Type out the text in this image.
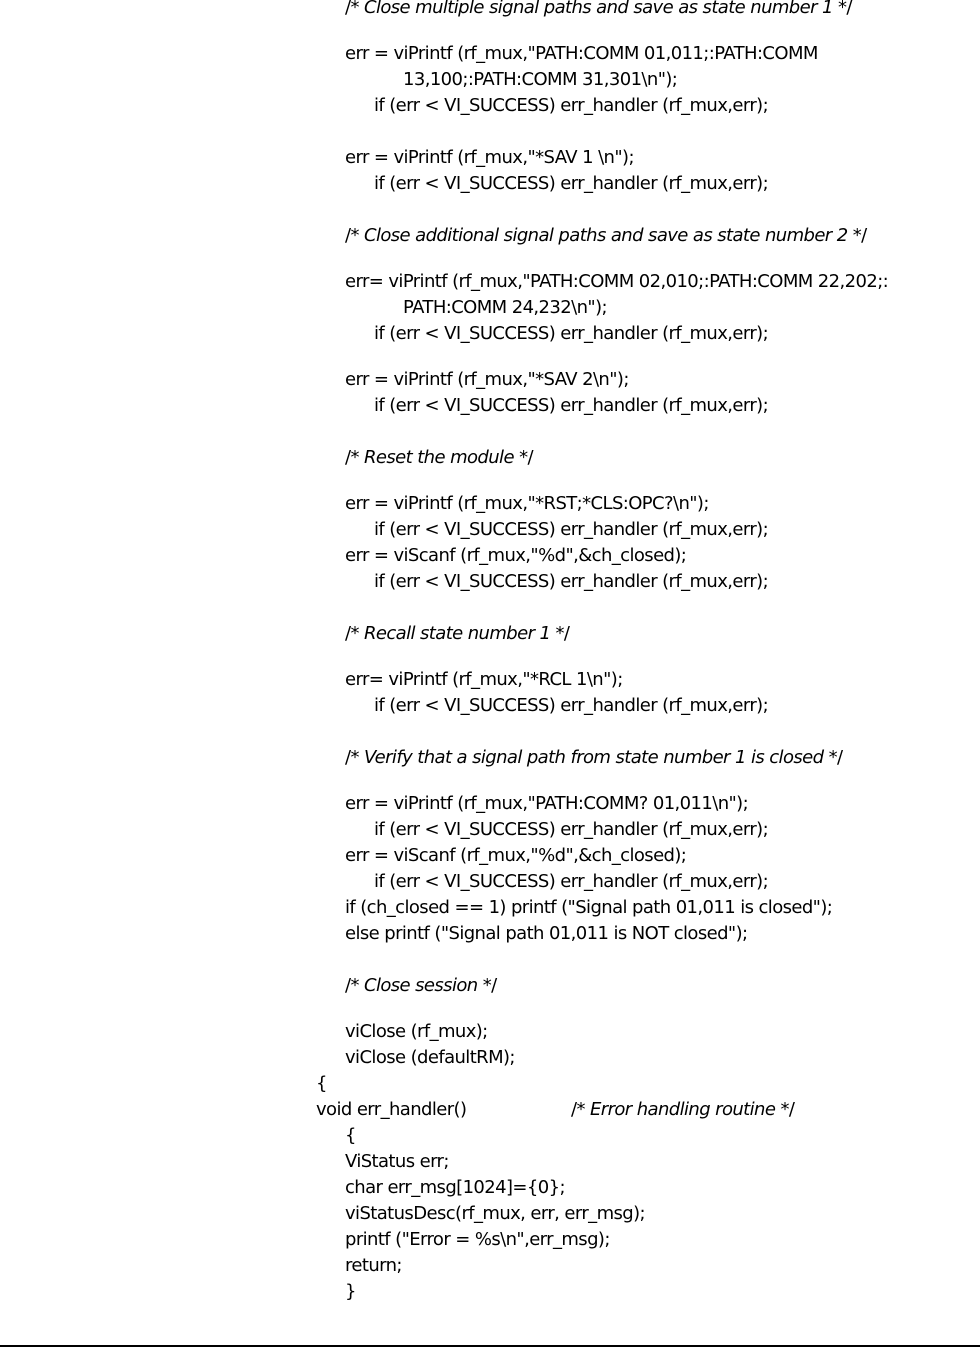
/* Close multiple signal paths and save as state number 1 */
err = viPrintf (rf_mux,"PATH:COMM 01,011;:PATH:COMM
13,100;:PATH:COMM 31,301\n");
if (err < VI_SUCCESS) err_handler (rf_mux,err);
err = viPrintf (rf_mux,"*SAV 1 \n");
if (err < VI_SUCCESS) err_handler (rf_mux,err);
/* Close additional signal paths and save as state number 2 */
err= viPrintf (rf_mux,"PATH:COMM 02,010;:PATH:COMM 22,202;:
PATH:COMM 24,232\n");
if (err < VI_SUCCESS) err_handler (rf_mux,err);
err = viPrintf (rf_mux,"*SAV 2\n");
if (err < VI_SUCCESS) err_handler (rf_mux,err);
/* Reset the module */
err = viPrintf (rf_mux,"*RST;*CLS:OPC?\n");
if (err < VI_SUCCESS) err_handler (rf_mux,err);
err = viScanf (rf_mux,"%d",&ch_closed);
if (err < VI_SUCCESS) err_handler (rf_mux,err);
/* Recall state number 1 */
err= viPrintf (rf_mux,"*RCL 1\n");
if (err < VI_SUCCESS) err_handler (rf_mux,err);
/* Verify that a signal path from state number 1 is closed */
err = viPrintf (rf_mux,"PATH:COMM? 01,011\n");
if (err < VI_SUCCESS) err_handler (rf_mux,err);
err = viScanf (rf_mux,"%d",&ch_closed);
if (err < VI_SUCCESS) err_handler (rf_mux,err);
if (ch_closed == 1) printf ("Signal path 01,011 is closed");
else printf ("Signal path 01,011 is NOT closed");
/* Close session */
viClose (rf_mux);
viClose (defaultRM);
{
void err_handler()	/* Error handling routine */
{
ViStatus err;
char err_msg[1024]={0};
viStatusDesc(rf_mux, err, err_msg);
printf ("Error = %s\n",err_msg);
return;
}
